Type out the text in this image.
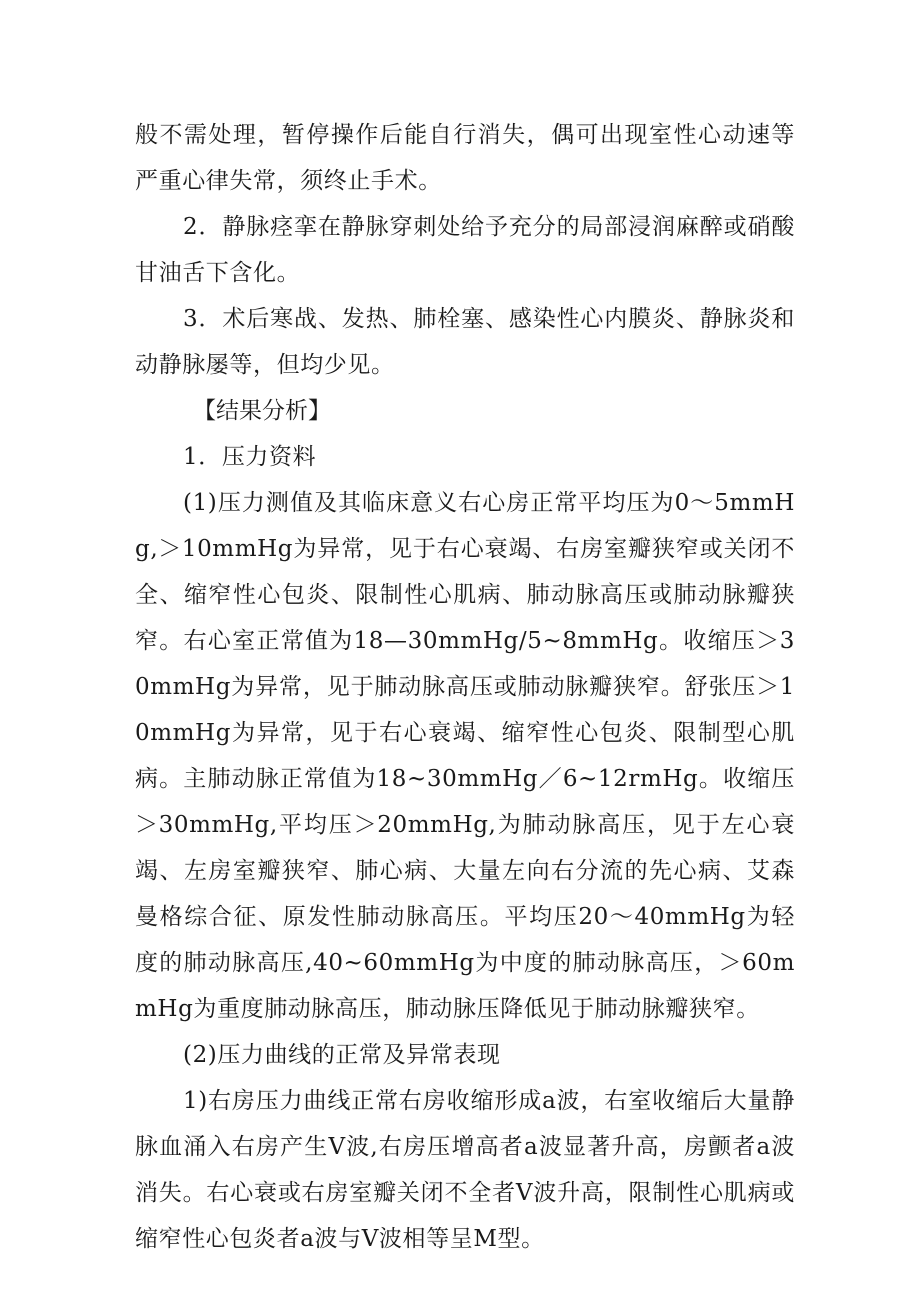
般不需处理，暂停操作后能自行消失，偶可出现室性心动速等严重心律失常，须终止手术。

2．静脉痉挛在静脉穿刺处给予充分的局部浸润麻醉或硝酸甘油舌下含化。

3．术后寒战、发热、肺栓塞、感染性心内膜炎、静脉炎和动静脉屡等，但均少见。

【结果分析】

1．压力资料

(1)压力测值及其临床意义右心房正常平均压为0～5mmHg,＞10mmHg为异常，见于右心衰竭、右房室瓣狭窄或关闭不全、缩窄性心包炎、限制性心肌病、肺动脉高压或肺动脉瓣狭窄。右心室正常值为18—30mmHg/5~8mmHg。收缩压＞30mmHg为异常，见于肺动脉高压或肺动脉瓣狭窄。舒张压＞10mmHg为异常，见于右心衰竭、缩窄性心包炎、限制型心肌病。主肺动脉正常值为18~30mmHg／6~12rmHg。收缩压＞30mmHg,平均压＞20mmHg,为肺动脉高压，见于左心衰竭、左房室瓣狭窄、肺心病、大量左向右分流的先心病、艾森曼格综合征、原发性肺动脉高压。平均压20～40mmHg为轻度的肺动脉高压,40~60mmHg为中度的肺动脉高压，＞60mmHg为重度肺动脉高压，肺动脉压降低见于肺动脉瓣狭窄。

(2)压力曲线的正常及异常表现

1)右房压力曲线正常右房收缩形成a波，右室收缩后大量静脉血涌入右房产生V波,右房压增高者a波显著升高，房颤者a波消失。右心衰或右房室瓣关闭不全者V波升高，限制性心肌病或缩窄性心包炎者a波与V波相等呈M型。
